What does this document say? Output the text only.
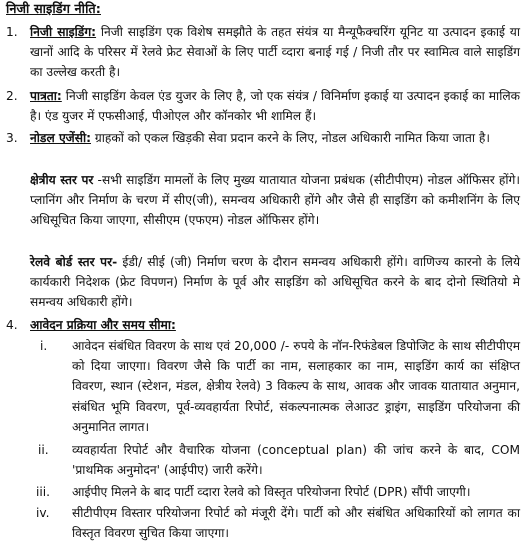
निजी साइडिंग नीति:
1. निजी साइडिंग: निजी साइडिंग एक विशेष समझौते के तहत संयंत्र या मैन्यूफैक्चरिंग यूनिट या उत्पादन इकाई या खानों आदि के परिसर में रेलवे फ्रेट सेवाओं के लिए पार्टी व्दारा बनाई गई / निजी तौर पर स्वामित्व वाले साइडिंग का उल्लेख करती है।
2. पात्रता: निजी साइडिंग केवल एंड युजर के लिए है, जो एक संयंत्र / विनिर्माण इकाई या उत्पादन इकाई का मालिक है। एंड युजर में एफसीआई, पीओएल और कॉनकोर भी शामिल हैं।
3. नोडल एजेंसी: ग्राहकों को एकल खिड़की सेवा प्रदान करने के लिए, नोडल अधिकारी नामित किया जाता है।
क्षेत्रीय स्तर पर -सभी साइडिंग मामलों के लिए मुख्य यातायात योजना प्रबंधक (सीटीपीएम) नोडल ऑफिसर होंगे। प्लानिंग और निर्माण के चरण में सीए(जी), समन्वय अधिकारी होंगे और जैसे ही साइडिंग को कमीशनिंग के लिए अधिसूचित किया जाएगा, सीसीएम (एफएम) नोडल ऑफिसर होंगे।
रेलवे बोर्ड स्तर पर- ईडी/ सीई (जी) निर्माण चरण के दौरान समन्वय अधिकारी होंगे। वाणिज्य कारनो के लिये कार्यकारी निदेशक (फ्रेट विपणन) निर्माण के पूर्व और साइडिंग को अधिसूचित करने के बाद दोनो स्थितियो मे समन्वय अधिकारी होंगे।
4. आवेदन प्रक्रिया और समय सीमा:
i. आवेदन संबंधित विवरण के साथ एवं 20,000 /- रुपये के नॉन-रिफंडेबल डिपोजिट के साथ सीटीपीएम को दिया जाएगा। विवरण जैसे कि पार्टी का नाम, सलाहकार का नाम, साइडिंग कार्य का संक्षिप्त विवरण, स्थान (स्टेशन, मंडल, क्षेत्रीय रेलवे) 3 विकल्प के साथ, आवक और जावक यातायात अनुमान, संबंधित भूमि विवरण, पूर्व-व्यवहार्यता रिपोर्ट, संकल्पनात्मक लेआउट ड्राइंग, साइडिंग परियोजना की अनुमानित लागत।
ii. व्यवहार्यता रिपोर्ट और वैचारिक योजना (conceptual plan) की जांच करने के बाद, COM 'प्राथमिक अनुमोदन' (आईपीए) जारी करेंगे।
iii. आईपीए मिलने के बाद पार्टी व्दारा रेलवे को विस्तृत परियोजना रिपोर्ट (DPR) सौंपी जाएगी।
iv. सीटीपीएम विस्तार परियोजना रिपोर्ट को मंजूरी देंगे। पार्टी को और संबंधित अधिकारियों को लागत का विस्तृत विवरण सुचित किया जाएगा।
